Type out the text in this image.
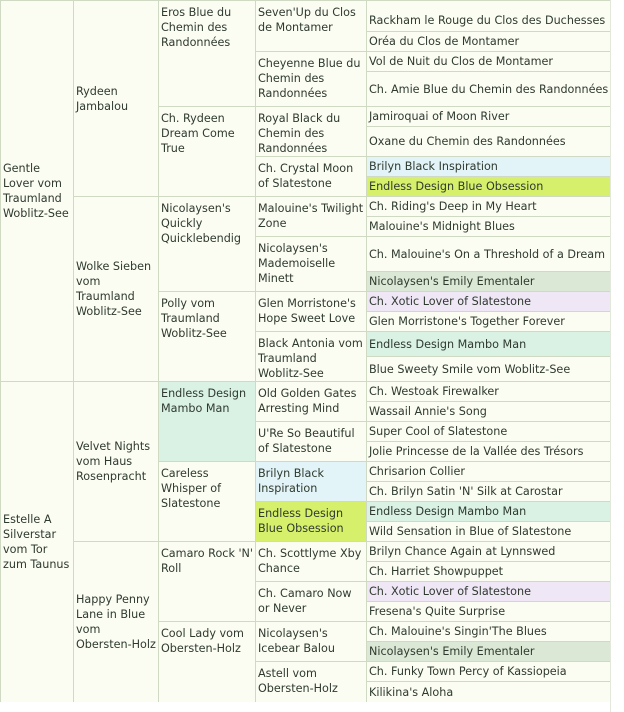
Gentle Lover vom Traumland Woblitz-See
Estelle A Silverstar vom Tor zum Taunus
Rydeen Jambalou
Wolke Sieben vom Traumland Woblitz-See
Velvet Nights vom Haus Rosenpracht
Happy Penny Lane in Blue vom Obersten-Holz
Eros Blue du Chemin des Randonnées
Ch. Rydeen Dream Come True
Nicolaysen's Quickly Quicklebendig
Polly vom Traumland Woblitz-See
Endless Design Mambo Man
Careless Whisper of Slatestone
Camaro Rock 'N' Roll
Cool Lady vom Obersten-Holz
Seven'Up du Clos de Montamer
Cheyenne Blue du Chemin des Randonnées
Royal Black du Chemin des Randonnées
Ch. Crystal Moon of Slatestone
Malouine's Twilight Zone
Nicolaysen's Mademoiselle Minett
Glen Morristone's Hope Sweet Love
Black Antonia vom Traumland Woblitz-See
Old Golden Gates Arresting Mind
U'Re So Beautiful of Slatestone
Brilyn Black Inspiration
Endless Design Blue Obsession
Ch. Scottlyme Xby Chance
Ch. Camaro Now or Never
Nicolaysen's Icebear Balou
Astell vom Obersten-Holz
Rackham le Rouge du Clos des Duchesses
Oréa du Clos de Montamer
Vol de Nuit du Clos de Montamer
Ch. Amie Blue du Chemin des Randonnées
Jamiroquai of Moon River
Oxane du Chemin des Randonnées
Brilyn Black Inspiration
Endless Design Blue Obsession
Ch. Riding's Deep in My Heart
Malouine's Midnight Blues
Ch. Malouine's On a Threshold of a Dream
Nicolaysen's Emily Ementaler
Ch. Xotic Lover of Slatestone
Glen Morristone's Together Forever
Endless Design Mambo Man
Blue Sweety Smile vom Woblitz-See
Ch. Westoak Firewalker
Wassail Annie's Song
Super Cool of Slatestone
Jolie Princesse de la Vallée des Trésors
Chrisarion Collier
Ch. Brilyn Satin 'N' Silk at Carostar
Endless Design Mambo Man
Wild Sensation in Blue of Slatestone
Brilyn Chance Again at Lynnswed
Ch. Harriet Showpuppet
Ch. Xotic Lover of Slatestone
Fresena's Quite Surprise
Ch. Malouine's Singin'The Blues
Nicolaysen's Emily Ementaler
Ch. Funky Town Percy of Kassiopeia
Kilikina's Aloha
